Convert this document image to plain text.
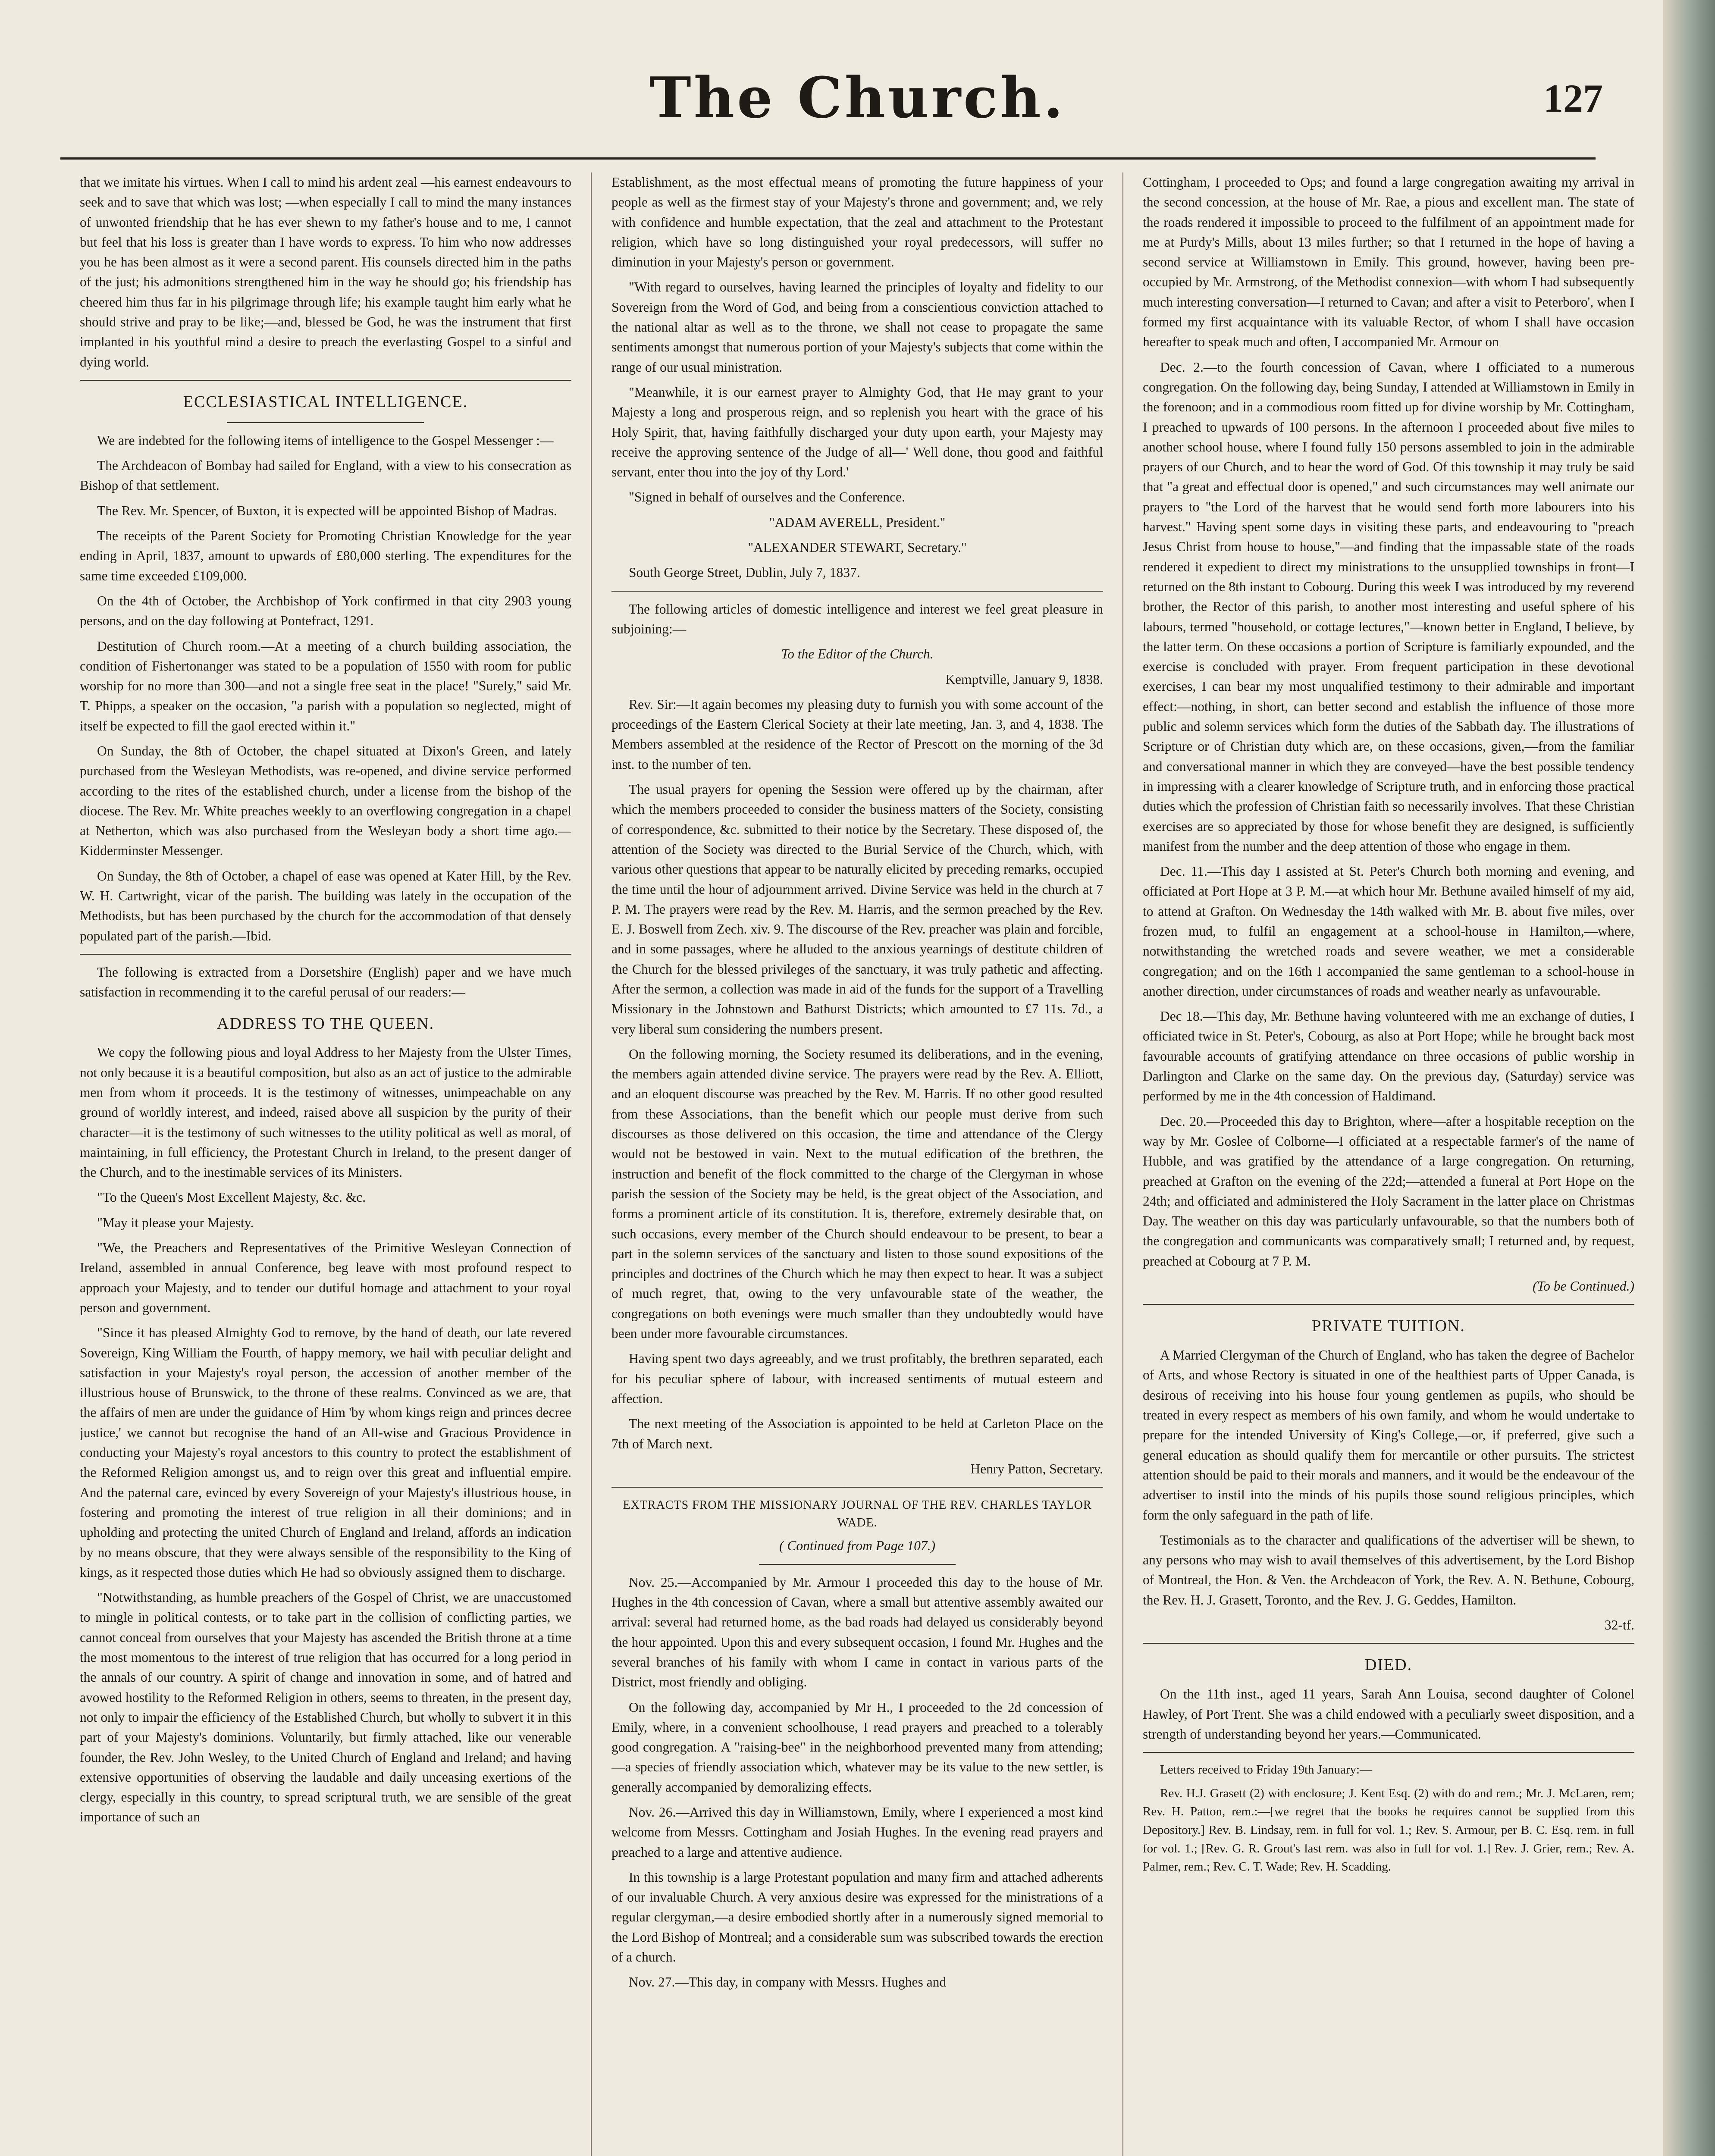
The Church.	127

that we imitate his virtues. When I call to mind his ardent zeal —his earnest endeavours to seek and to save that which was lost; —when especially I call to mind the many instances of unwonted friendship that he has ever shewn to my father's house and to me, I cannot but feel that his loss is greater than I have words to express. To him who now addresses you he has been almost as it were a second parent. His counsels directed him in the paths of the just; his admonitions strengthened him in the way he should go; his friendship has cheered him thus far in his pilgrimage through life; his example taught him early what he should strive and pray to be like;—and, blessed be God, he was the instrument that first implanted in his youthful mind a desire to preach the everlasting Gospel to a sinful and dying world.

ECCLESIASTICAL INTELLIGENCE.

We are indebted for the following items of intelligence to the Gospel Messenger :—

The Archdeacon of Bombay had sailed for England, with a view to his consecration as Bishop of that settlement.

The Rev. Mr. Spencer, of Buxton, it is expected will be appointed Bishop of Madras.

The receipts of the Parent Society for Promoting Christian Knowledge for the year ending in April, 1837, amount to upwards of £80,000 sterling. The expenditures for the same time exceeded £109,000.

On the 4th of October, the Archbishop of York confirmed in that city 2903 young persons, and on the day following at Pontefract, 1291.

Destitution of Church room.—At a meeting of a church building association, the condition of Fishertonanger was stated to be a population of 1550 with room for public worship for no more than 300—and not a single free seat in the place! "Surely," said Mr. T. Phipps, a speaker on the occasion, "a parish with a population so neglected, might of itself be expected to fill the gaol erected within it."

On Sunday, the 8th of October, the chapel situated at Dixon's Green, and lately purchased from the Wesleyan Methodists, was re-opened, and divine service performed according to the rites of the established church, under a license from the bishop of the diocese. The Rev. Mr. White preaches weekly to an overflowing congregation in a chapel at Netherton, which was also purchased from the Wesleyan body a short time ago.—Kidderminster Messenger.

On Sunday, the 8th of October, a chapel of ease was opened at Kater Hill, by the Rev. W. H. Cartwright, vicar of the parish. The building was lately in the occupation of the Methodists, but has been purchased by the church for the accommodation of that densely populated part of the parish.—Ibid.

The following is extracted from a Dorsetshire (English) paper and we have much satisfaction in recommending it to the careful perusal of our readers:—

ADDRESS TO THE QUEEN.

We copy the following pious and loyal Address to her Majesty from the Ulster Times, not only because it is a beautiful composition, but also as an act of justice to the admirable men from whom it proceeds. It is the testimony of witnesses, unimpeachable on any ground of worldly interest, and indeed, raised above all suspicion by the purity of their character—it is the testimony of such witnesses to the utility political as well as moral, of maintaining, in full efficiency, the Protestant Church in Ireland, to the present danger of the Church, and to the inestimable services of its Ministers.

"To the Queen's Most Excellent Majesty, &c. &c.

"May it please your Majesty.

"We, the Preachers and Representatives of the Primitive Wesleyan Connection of Ireland, assembled in annual Conference, beg leave with most profound respect to approach your Majesty, and to tender our dutiful homage and attachment to your royal person and government.

"Since it has pleased Almighty God to remove, by the hand of death, our late revered Sovereign, King William the Fourth, of happy memory, we hail with peculiar delight and satisfaction in your Majesty's royal person, the accession of another member of the illustrious house of Brunswick, to the throne of these realms. Convinced as we are, that the affairs of men are under the guidance of Him 'by whom kings reign and princes decree justice,' we cannot but recognise the hand of an All-wise and Gracious Providence in conducting your Majesty's royal ancestors to this country to protect the establishment of the Reformed Religion amongst us, and to reign over this great and influential empire. And the paternal care, evinced by every Sovereign of your Majesty's illustrious house, in fostering and promoting the interest of true religion in all their dominions; and in upholding and protecting the united Church of England and Ireland, affords an indication by no means obscure, that they were always sensible of the responsibility to the King of kings, as it respected those duties which He had so obviously assigned them to discharge.

"Notwithstanding, as humble preachers of the Gospel of Christ, we are unaccustomed to mingle in political contests, or to take part in the collision of conflicting parties, we cannot conceal from ourselves that your Majesty has ascended the British throne at a time the most momentous to the interest of true religion that has occurred for a long period in the annals of our country. A spirit of change and innovation in some, and of hatred and avowed hostility to the Reformed Religion in others, seems to threaten, in the present day, not only to impair the efficiency of the Established Church, but wholly to subvert it in this part of your Majesty's dominions. Voluntarily, but firmly attached, like our venerable founder, the Rev. John Wesley, to the United Church of England and Ireland; and having extensive opportunities of observing the laudable and daily unceasing exertions of the clergy, especially in this country, to spread scriptural truth, we are sensible of the great importance of such an

Establishment, as the most effectual means of promoting the future happiness of your people as well as the firmest stay of your Majesty's throne and government; and, we rely with confidence and humble expectation, that the zeal and attachment to the Protestant religion, which have so long distinguished your royal predecessors, will suffer no diminution in your Majesty's person or government.

"With regard to ourselves, having learned the principles of loyalty and fidelity to our Sovereign from the Word of God, and being from a conscientious conviction attached to the national altar as well as to the throne, we shall not cease to propagate the same sentiments amongst that numerous portion of your Majesty's subjects that come within the range of our usual ministration.

"Meanwhile, it is our earnest prayer to Almighty God, that He may grant to your Majesty a long and prosperous reign, and so replenish you heart with the grace of his Holy Spirit, that, having faithfully discharged your duty upon earth, your Majesty may receive the approving sentence of the Judge of all—' Well done, thou good and faithful servant, enter thou into the joy of thy Lord.'

"Signed in behalf of ourselves and the Conference.

"ADAM AVERELL, President."

"ALEXANDER STEWART, Secretary."

South George Street, Dublin, July 7, 1837.

The following articles of domestic intelligence and interest we feel great pleasure in subjoining:—

To the Editor of the Church.

Kemptville, January 9, 1838.

Rev. Sir:—It again becomes my pleasing duty to furnish you with some account of the proceedings of the Eastern Clerical Society at their late meeting, Jan. 3, and 4, 1838. The Members assembled at the residence of the Rector of Prescott on the morning of the 3d inst. to the number of ten.

The usual prayers for opening the Session were offered up by the chairman, after which the members proceeded to consider the business matters of the Society, consisting of correspondence, &c. submitted to their notice by the Secretary. These disposed of, the attention of the Society was directed to the Burial Service of the Church, which, with various other questions that appear to be naturally elicited by preceding remarks, occupied the time until the hour of adjournment arrived. Divine Service was held in the church at 7 P. M. The prayers were read by the Rev. M. Harris, and the sermon preached by the Rev. E. J. Boswell from Zech. xiv. 9. The discourse of the Rev. preacher was plain and forcible, and in some passages, where he alluded to the anxious yearnings of destitute children of the Church for the blessed privileges of the sanctuary, it was truly pathetic and affecting. After the sermon, a collection was made in aid of the funds for the support of a Travelling Missionary in the Johnstown and Bathurst Districts; which amounted to £7 11s. 7d., a very liberal sum considering the numbers present.

On the following morning, the Society resumed its deliberations, and in the evening, the members again attended divine service. The prayers were read by the Rev. A. Elliott, and an eloquent discourse was preached by the Rev. M. Harris. If no other good resulted from these Associations, than the benefit which our people must derive from such discourses as those delivered on this occasion, the time and attendance of the Clergy would not be bestowed in vain. Next to the mutual edification of the brethren, the instruction and benefit of the flock committed to the charge of the Clergyman in whose parish the session of the Society may be held, is the great object of the Association, and forms a prominent article of its constitution. It is, therefore, extremely desirable that, on such occasions, every member of the Church should endeavour to be present, to bear a part in the solemn services of the sanctuary and listen to those sound expositions of the principles and doctrines of the Church which he may then expect to hear. It was a subject of much regret, that, owing to the very unfavourable state of the weather, the congregations on both evenings were much smaller than they undoubtedly would have been under more favourable circumstances.

Having spent two days agreeably, and we trust profitably, the brethren separated, each for his peculiar sphere of labour, with increased sentiments of mutual esteem and affection.

The next meeting of the Association is appointed to be held at Carleton Place on the 7th of March next.

Henry Patton, Secretary.

EXTRACTS FROM THE MISSIONARY JOURNAL OF THE REV. CHARLES TAYLOR WADE.

( Continued from Page 107.)

Nov. 25.—Accompanied by Mr. Armour I proceeded this day to the house of Mr. Hughes in the 4th concession of Cavan, where a small but attentive assembly awaited our arrival: several had returned home, as the bad roads had delayed us considerably beyond the hour appointed. Upon this and every subsequent occasion, I found Mr. Hughes and the several branches of his family with whom I came in contact in various parts of the District, most friendly and obliging.

On the following day, accompanied by Mr H., I proceeded to the 2d concession of Emily, where, in a convenient schoolhouse, I read prayers and preached to a tolerably good congregation. A "raising-bee" in the neighborhood prevented many from attending;—a species of friendly association which, whatever may be its value to the new settler, is generally accompanied by demoralizing effects.

Nov. 26.—Arrived this day in Williamstown, Emily, where I experienced a most kind welcome from Messrs. Cottingham and Josiah Hughes. In the evening read prayers and preached to a large and attentive audience.

In this township is a large Protestant population and many firm and attached adherents of our invaluable Church. A very anxious desire was expressed for the ministrations of a regular clergyman,—a desire embodied shortly after in a numerously signed memorial to the Lord Bishop of Montreal; and a considerable sum was subscribed towards the erection of a church.

Nov. 27.—This day, in company with Messrs. Hughes and

Cottingham, I proceeded to Ops; and found a large congregation awaiting my arrival in the second concession, at the house of Mr. Rae, a pious and excellent man. The state of the roads rendered it impossible to proceed to the fulfilment of an appointment made for me at Purdy's Mills, about 13 miles further; so that I returned in the hope of having a second service at Williamstown in Emily. This ground, however, having been pre-occupied by Mr. Armstrong, of the Methodist connexion—with whom I had subsequently much interesting conversation—I returned to Cavan; and after a visit to Peterboro', when I formed my first acquaintance with its valuable Rector, of whom I shall have occasion hereafter to speak much and often, I accompanied Mr. Armour on

Dec. 2.—to the fourth concession of Cavan, where I officiated to a numerous congregation. On the following day, being Sunday, I attended at Williamstown in Emily in the forenoon; and in a commodious room fitted up for divine worship by Mr. Cottingham, I preached to upwards of 100 persons. In the afternoon I proceeded about five miles to another school house, where I found fully 150 persons assembled to join in the admirable prayers of our Church, and to hear the word of God. Of this township it may truly be said that "a great and effectual door is opened," and such circumstances may well animate our prayers to "the Lord of the harvest that he would send forth more labourers into his harvest." Having spent some days in visiting these parts, and endeavouring to "preach Jesus Christ from house to house,"—and finding that the impassable state of the roads rendered it expedient to direct my ministrations to the unsupplied townships in front—I returned on the 8th instant to Cobourg. During this week I was introduced by my reverend brother, the Rector of this parish, to another most interesting and useful sphere of his labours, termed "household, or cottage lectures,"—known better in England, I believe, by the latter term. On these occasions a portion of Scripture is familiarly expounded, and the exercise is concluded with prayer. From frequent participation in these devotional exercises, I can bear my most unqualified testimony to their admirable and important effect:—nothing, in short, can better second and establish the influence of those more public and solemn services which form the duties of the Sabbath day. The illustrations of Scripture or of Christian duty which are, on these occasions, given,—from the familiar and conversational manner in which they are conveyed—have the best possible tendency in impressing with a clearer knowledge of Scripture truth, and in enforcing those practical duties which the profession of Christian faith so necessarily involves. That these Christian exercises are so appreciated by those for whose benefit they are designed, is sufficiently manifest from the number and the deep attention of those who engage in them.

Dec. 11.—This day I assisted at St. Peter's Church both morning and evening, and officiated at Port Hope at 3 P. M.—at which hour Mr. Bethune availed himself of my aid, to attend at Grafton. On Wednesday the 14th walked with Mr. B. about five miles, over frozen mud, to fulfil an engagement at a school-house in Hamilton,—where, notwithstanding the wretched roads and severe weather, we met a considerable congregation; and on the 16th I accompanied the same gentleman to a school-house in another direction, under circumstances of roads and weather nearly as unfavourable.

Dec 18.—This day, Mr. Bethune having volunteered with me an exchange of duties, I officiated twice in St. Peter's, Cobourg, as also at Port Hope; while he brought back most favourable accounts of gratifying attendance on three occasions of public worship in Darlington and Clarke on the same day. On the previous day, (Saturday) service was performed by me in the 4th concession of Haldimand.

Dec. 20.—Proceeded this day to Brighton, where—after a hospitable reception on the way by Mr. Goslee of Colborne—I officiated at a respectable farmer's of the name of Hubble, and was gratified by the attendance of a large congregation. On returning, preached at Grafton on the evening of the 22d;—attended a funeral at Port Hope on the 24th; and officiated and administered the Holy Sacrament in the latter place on Christmas Day. The weather on this day was particularly unfavourable, so that the numbers both of the congregation and communicants was comparatively small; I returned and, by request, preached at Cobourg at 7 P. M.

(To be Continued.)

PRIVATE TUITION.

A Married Clergyman of the Church of England, who has taken the degree of Bachelor of Arts, and whose Rectory is situated in one of the healthiest parts of Upper Canada, is desirous of receiving into his house four young gentlemen as pupils, who should be treated in every respect as members of his own family, and whom he would undertake to prepare for the intended University of King's College,—or, if preferred, give such a general education as should qualify them for mercantile or other pursuits. The strictest attention should be paid to their morals and manners, and it would be the endeavour of the advertiser to instil into the minds of his pupils those sound religious principles, which form the only safeguard in the path of life.

Testimonials as to the character and qualifications of the advertiser will be shewn, to any persons who may wish to avail themselves of this advertisement, by the Lord Bishop of Montreal, the Hon. & Ven. the Archdeacon of York, the Rev. A. N. Bethune, Cobourg, the Rev. H. J. Grasett, Toronto, and the Rev. J. G. Geddes, Hamilton.

32-tf.

DIED.

On the 11th inst., aged 11 years, Sarah Ann Louisa, second daughter of Colonel Hawley, of Port Trent. She was a child endowed with a peculiarly sweet disposition, and a strength of understanding beyond her years.—Communicated.

Letters received to Friday 19th January:—

Rev. H.J. Grasett (2) with enclosure; J. Kent Esq. (2) with do and rem.; Mr. J. McLaren, rem; Rev. H. Patton, rem.:—[we regret that the books he requires cannot be supplied from this Depository.] Rev. B. Lindsay, rem. in full for vol. 1.; Rev. S. Armour, per B. C. Esq. rem. in full for vol. 1.; [Rev. G. R. Grout's last rem. was also in full for vol. 1.] Rev. J. Grier, rem.; Rev. A. Palmer, rem.; Rev. C. T. Wade; Rev. H. Scadding.
